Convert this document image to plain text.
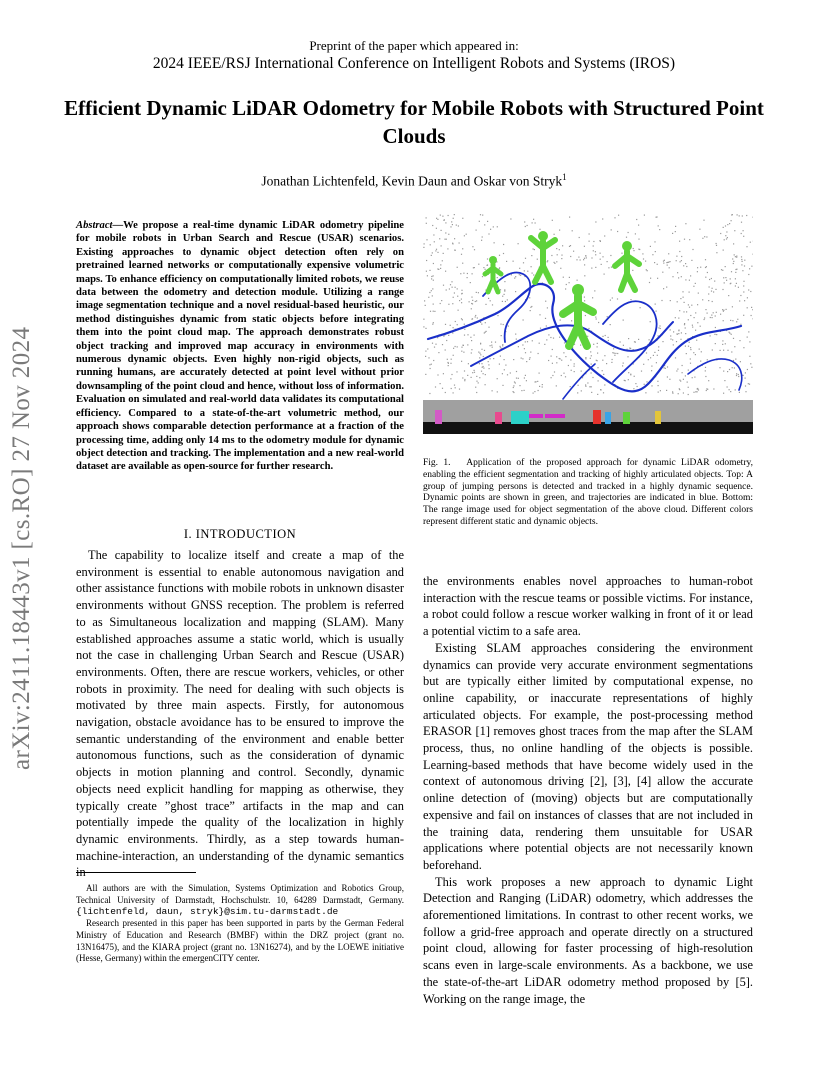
Preprint of the paper which appeared in:
2024 IEEE/RSJ International Conference on Intelligent Robots and Systems (IROS)
Efficient Dynamic LiDAR Odometry for Mobile Robots with Structured Point Clouds
Jonathan Lichtenfeld, Kevin Daun and Oskar von Stryk$^1$
arXiv:2411.18443v1 [cs.RO] 27 Nov 2024
Abstract—We propose a real-time dynamic LiDAR odometry pipeline for mobile robots in Urban Search and Rescue (USAR) scenarios. Existing approaches to dynamic object detection often rely on pretrained learned networks or computationally expensive volumetric maps. To enhance efficiency on computationally limited robots, we reuse data between the odometry and detection module. Utilizing a range image segmentation technique and a novel residual-based heuristic, our method distinguishes dynamic from static objects before integrating them into the point cloud map. The approach demonstrates robust object tracking and improved map accuracy in environments with numerous dynamic objects. Even highly non-rigid objects, such as running humans, are accurately detected at point level without prior downsampling of the point cloud and hence, without loss of information. Evaluation on simulated and real-world data validates its computational efficiency. Compared to a state-of-the-art volumetric method, our approach shows comparable detection performance at a fraction of the processing time, adding only 14 ms to the odometry module for dynamic object detection and tracking. The implementation and a new real-world dataset are available as open-source for further research.
I. INTRODUCTION
The capability to localize itself and create a map of the environment is essential to enable autonomous navigation and other assistance functions with mobile robots in unknown disaster environments without GNSS reception. The problem is referred to as Simultaneous localization and mapping (SLAM). Many established approaches assume a static world, which is usually not the case in challenging Urban Search and Rescue (USAR) environments. Often, there are rescue workers, vehicles, or other robots in proximity. The need for dealing with such objects is motivated by three main aspects. Firstly, for autonomous navigation, obstacle avoidance has to be ensured to improve the semantic understanding of the environment and enable better autonomous functions, such as the consideration of dynamic objects in motion planning and control. Secondly, dynamic objects need explicit handling for mapping as otherwise, they typically create ”ghost trace” artifacts in the map and can potentially impede the quality of the localization in highly dynamic environments. Thirdly, as a step towards human-machine-interaction, an understanding of the dynamic semantics in

All authors are with the Simulation, Systems Optimization and Robotics Group, Technical University of Darmstadt, Hochschulstr. 10, 64289 Darmstadt, Germany. {lichtenfeld, daun, stryk}@sim.tu-darmstadt.de

Research presented in this paper has been supported in parts by the German Federal Ministry of Education and Research (BMBF) within the DRZ project (grant no. 13N16475), and the KIARA project (grant no. 13N16274), and by the LOEWE initiative (Hesse, Germany) within the emergenCITY center.

Fig. 1. Application of the proposed approach for dynamic LiDAR odometry, enabling the efficient segmentation and tracking of highly articulated objects. Top: A group of jumping persons is detected and tracked in a highly dynamic sequence. Dynamic points are shown in green, and trajectories are indicated in blue. Bottom: The range image used for object segmentation of the above cloud. Different colors represent different static and dynamic objects.

the environments enables novel approaches to human-robot interaction with the rescue teams or possible victims. For instance, a robot could follow a rescue worker walking in front of it or lead a potential victim to a safe area.

Existing SLAM approaches considering the environment dynamics can provide very accurate environment segmentations but are typically either limited by computational expense, no online capability, or inaccurate representations of highly articulated objects. For example, the post-processing method ERASOR [1] removes ghost traces from the map after the SLAM process, thus, no online handling of the objects is possible. Learning-based methods that have become widely used in the context of autonomous driving [2], [3], [4] allow the accurate online detection of (moving) objects but are computationally expensive and fail on instances of classes that are not included in the training data, rendering them unsuitable for USAR applications where potential objects are not necessarily known beforehand.

This work proposes a new approach to dynamic Light Detection and Ranging (LiDAR) odometry, which addresses the aforementioned limitations. In contrast to other recent works, we follow a grid-free approach and operate directly on a structured point cloud, allowing for faster processing of high-resolution scans even in large-scale environments. As a backbone, we use the state-of-the-art LiDAR odometry method proposed by [5]. Working on the range image, the
